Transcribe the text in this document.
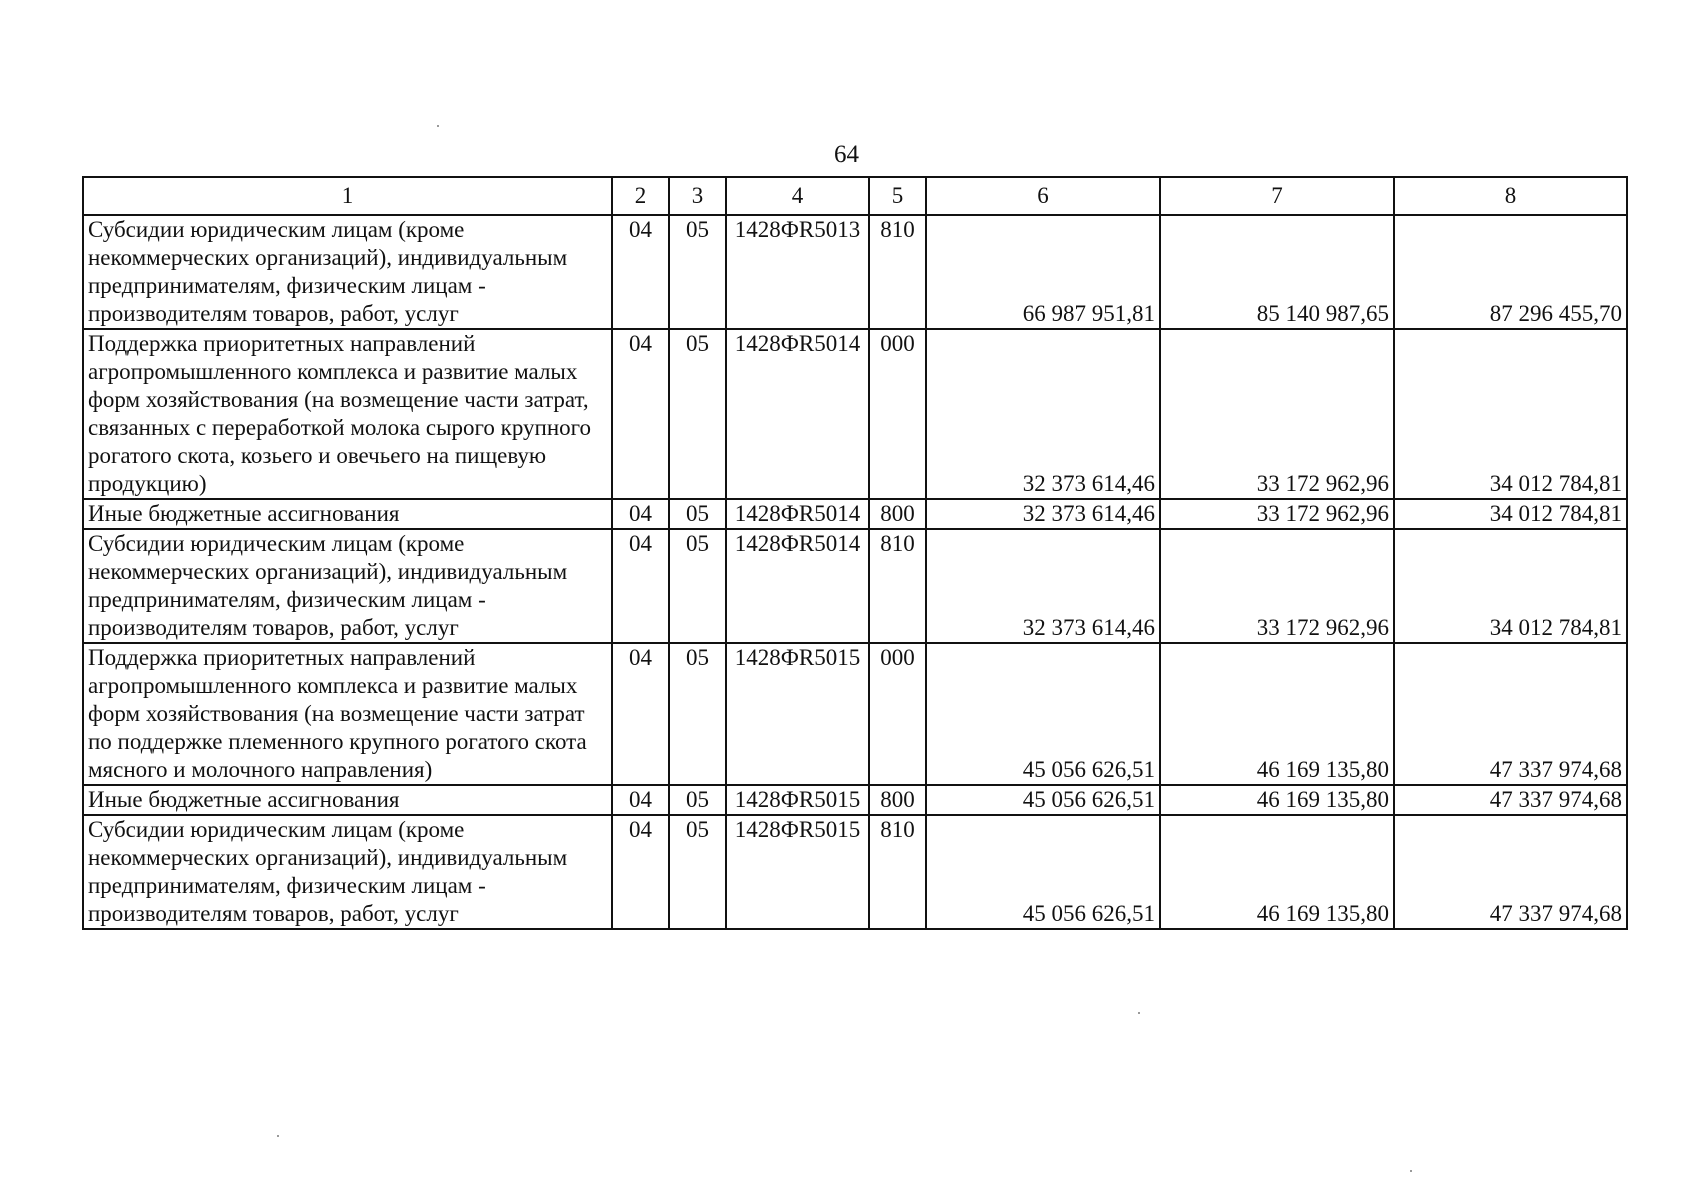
64
1	2	3	4	5	6	7	8
Субсидии юридическим лицам (кроме некоммерческих организаций), индивидуальным предпринимателям, физическим лицам - производителям товаров, работ, услуг	04	05	1428ФR5013	810	66 987 951,81	85 140 987,65	87 296 455,70
Поддержка приоритетных направлений агропромышленного комплекса и развитие малых форм хозяйствования (на возмещение части затрат, связанных с переработкой молока сырого крупного рогатого скота, козьего и овечьего на пищевую продукцию)	04	05	1428ФR5014	000	32 373 614,46	33 172 962,96	34 012 784,81
Иные бюджетные ассигнования	04	05	1428ФR5014	800	32 373 614,46	33 172 962,96	34 012 784,81
Субсидии юридическим лицам (кроме некоммерческих организаций), индивидуальным предпринимателям, физическим лицам - производителям товаров, работ, услуг	04	05	1428ФR5014	810	32 373 614,46	33 172 962,96	34 012 784,81
Поддержка приоритетных направлений агропромышленного комплекса и развитие малых форм хозяйствования (на возмещение части затрат по поддержке племенного крупного рогатого скота мясного и молочного направления)	04	05	1428ФR5015	000	45 056 626,51	46 169 135,80	47 337 974,68
Иные бюджетные ассигнования	04	05	1428ФR5015	800	45 056 626,51	46 169 135,80	47 337 974,68
Субсидии юридическим лицам (кроме некоммерческих организаций), индивидуальным предпринимателям, физическим лицам - производителям товаров, работ, услуг	04	05	1428ФR5015	810	45 056 626,51	46 169 135,80	47 337 974,68
